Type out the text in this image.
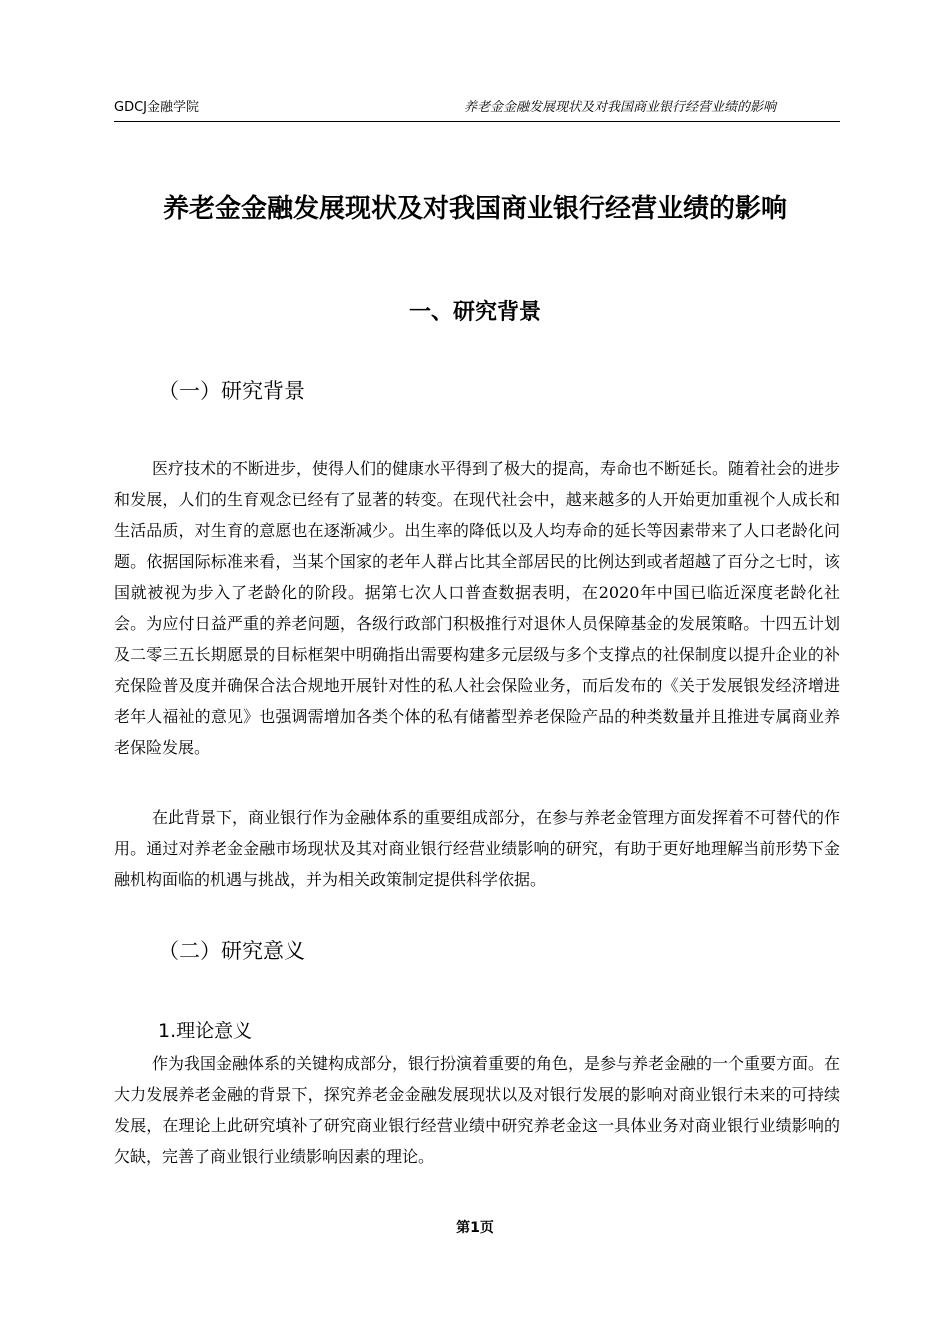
GDCJ金融学院	养老金金融发展现状及对我国商业银行经营业绩的影响
养老金金融发展现状及对我国商业银行经营业绩的影响
一、研究背景
（一）研究背景

医疗技术的不断进步，使得人们的健康水平得到了极大的提高，寿命也不断延长。随着社会的进步和发展，人们的生育观念已经有了显著的转变。在现代社会中，越来越多的人开始更加重视个人成长和生活品质，对生育的意愿也在逐渐减少。出生率的降低以及人均寿命的延长等因素带来了人口老龄化问题。依据国际标准来看，当某个国家的老年人群占比其全部居民的比例达到或者超越了百分之七时，该国就被视为步入了老龄化的阶段。据第七次人口普查数据表明，在2020年中国已临近深度老龄化社会。为应付日益严重的养老问题，各级行政部门积极推行对退休人员保障基金的发展策略。十四五计划及二零三五长期愿景的目标框架中明确指出需要构建多元层级与多个支撑点的社保制度以提升企业的补充保险普及度并确保合法合规地开展针对性的私人社会保险业务，而后发布的《关于发展银发经济增进老年人福祉的意见》也强调需增加各类个体的私有储蓄型养老保险产品的种类数量并且推进专属商业养老保险发展。

在此背景下，商业银行作为金融体系的重要组成部分，在参与养老金管理方面发挥着不可替代的作用。通过对养老金金融市场现状及其对商业银行经营业绩影响的研究，有助于更好地理解当前形势下金融机构面临的机遇与挑战，并为相关政策制定提供科学依据。

（二）研究意义
1.理论意义

作为我国金融体系的关键构成部分，银行扮演着重要的角色，是参与养老金融的一个重要方面。在大力发展养老金融的背景下，探究养老金金融发展现状以及对银行发展的影响对商业银行未来的可持续发展，在理论上此研究填补了研究商业银行经营业绩中研究养老金这一具体业务对商业银行业绩影响的欠缺，完善了商业银行业绩影响因素的理论。

第1页
